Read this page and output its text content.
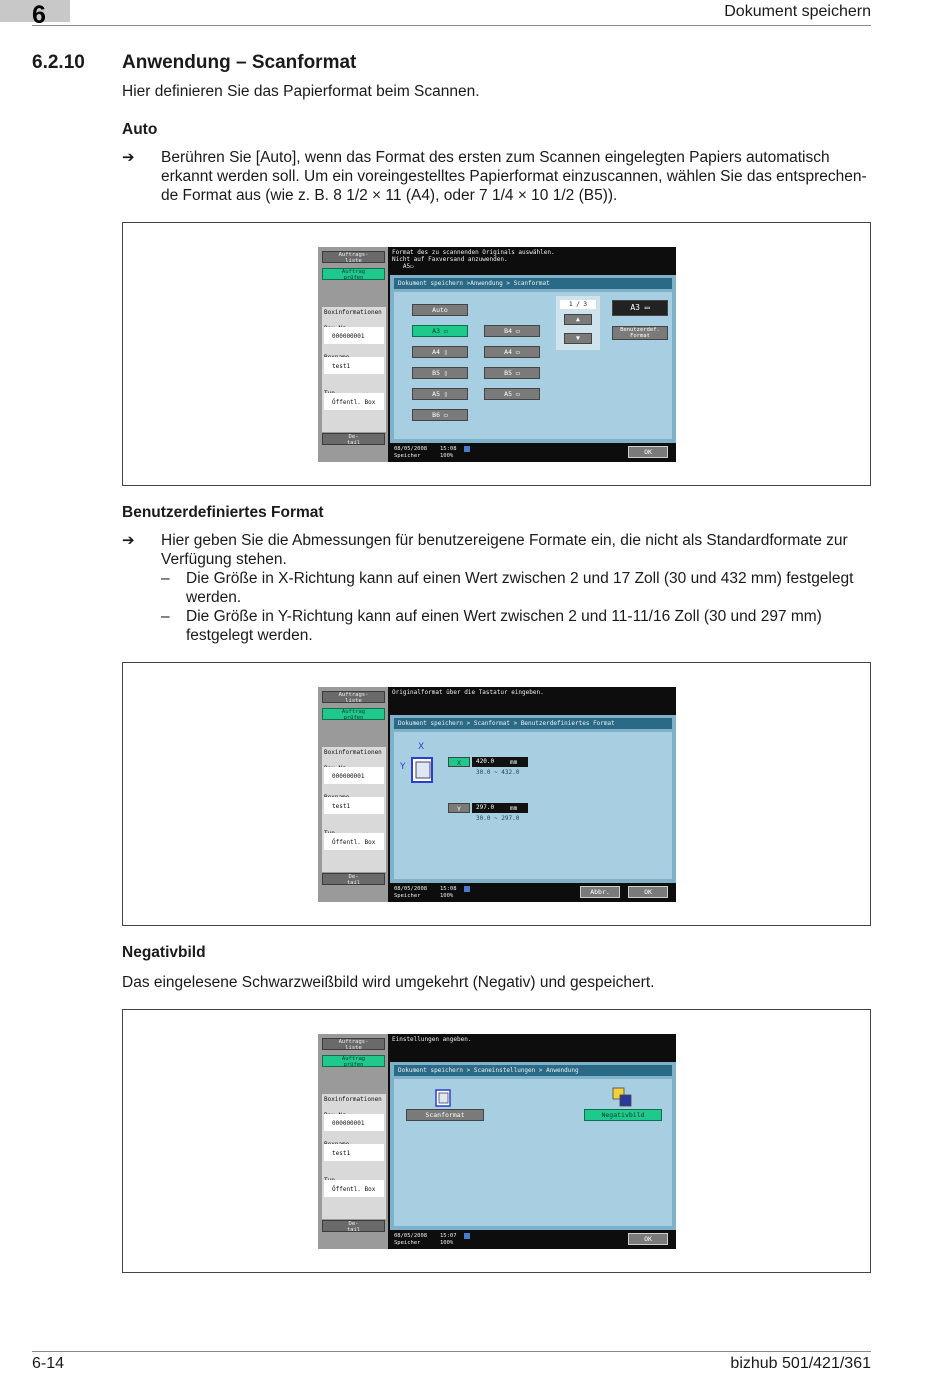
6	Dokument speichern
6.2.10 Anwendung – Scanformat
Hier definieren Sie das Papierformat beim Scannen.
Auto
➔ Berühren Sie [Auto], wenn das Format des ersten zum Scannen eingelegten Papiers automatisch erkannt werden soll. Um ein voreingestelltes Papierformat einzuscannen, wählen Sie das entsprechende Format aus (wie z. B. 8 1/2 × 11 (A4), oder 7 1/4 × 10 1/2 (B5)).
Auftrags-
liste
Auftrag
prüfen
Boxinformationen
000000001
test1
Öffentl. Box
De-
tail
Format des zu scannenden Originals auswählen.
Nicht auf Faxversand anzuwenden.
A5▭
Dokument speichern >Anwendung > Scanformat
Auto
A3 ▭
A4 ▯
B5 ▯
A5 ▯
B6 ▭
B4 ▭
A4 ▭
B5 ▭
A5 ▭
1 / 3
▲
▼
A3 ▭
Benutzerdef.
Format
08/05/2008 15:08
Speicher	100%	OK
Benutzerdefiniertes Format
➔ Hier geben Sie die Abmessungen für benutzereigene Formate ein, die nicht als Standardformate zur Verfügung stehen.
– Die Größe in X-Richtung kann auf einen Wert zwischen 2 und 17 Zoll (30 und 432 mm) festgelegt werden.
– Die Größe in Y-Richtung kann auf einen Wert zwischen 2 und 11-11/16 Zoll (30 und 297 mm) festgelegt werden.
Auftrags-
liste
Auftrag
prüfen
Boxinformationen
000000001
test1
Öffentl. Box
De-
tail
Originalformat über die Tastatur eingeben.
Dokument speichern > Scanformat > Benutzerdefiniertes Format
X
Y	X	420.0	mm
30.0 ~ 432.0
Y	297.0	mm
30.0 ~ 297.0
08/05/2008 15:08
Speicher	100%	Abbr.	OK
Negativbild
Das eingelesene Schwarzweißbild wird umgekehrt (Negativ) und gespeichert.
Auftrags-
liste
Auftrag
prüfen
Boxinformationen
000000001
test1
Öffentl. Box
De-
tail
Einstellungen angeben.
Dokument speichern > Scaneinstellungen > Anwendung
Scanformat	Negativbild
08/05/2008 15:07
Speicher	100%	OK
6-14	bizhub 501/421/361
